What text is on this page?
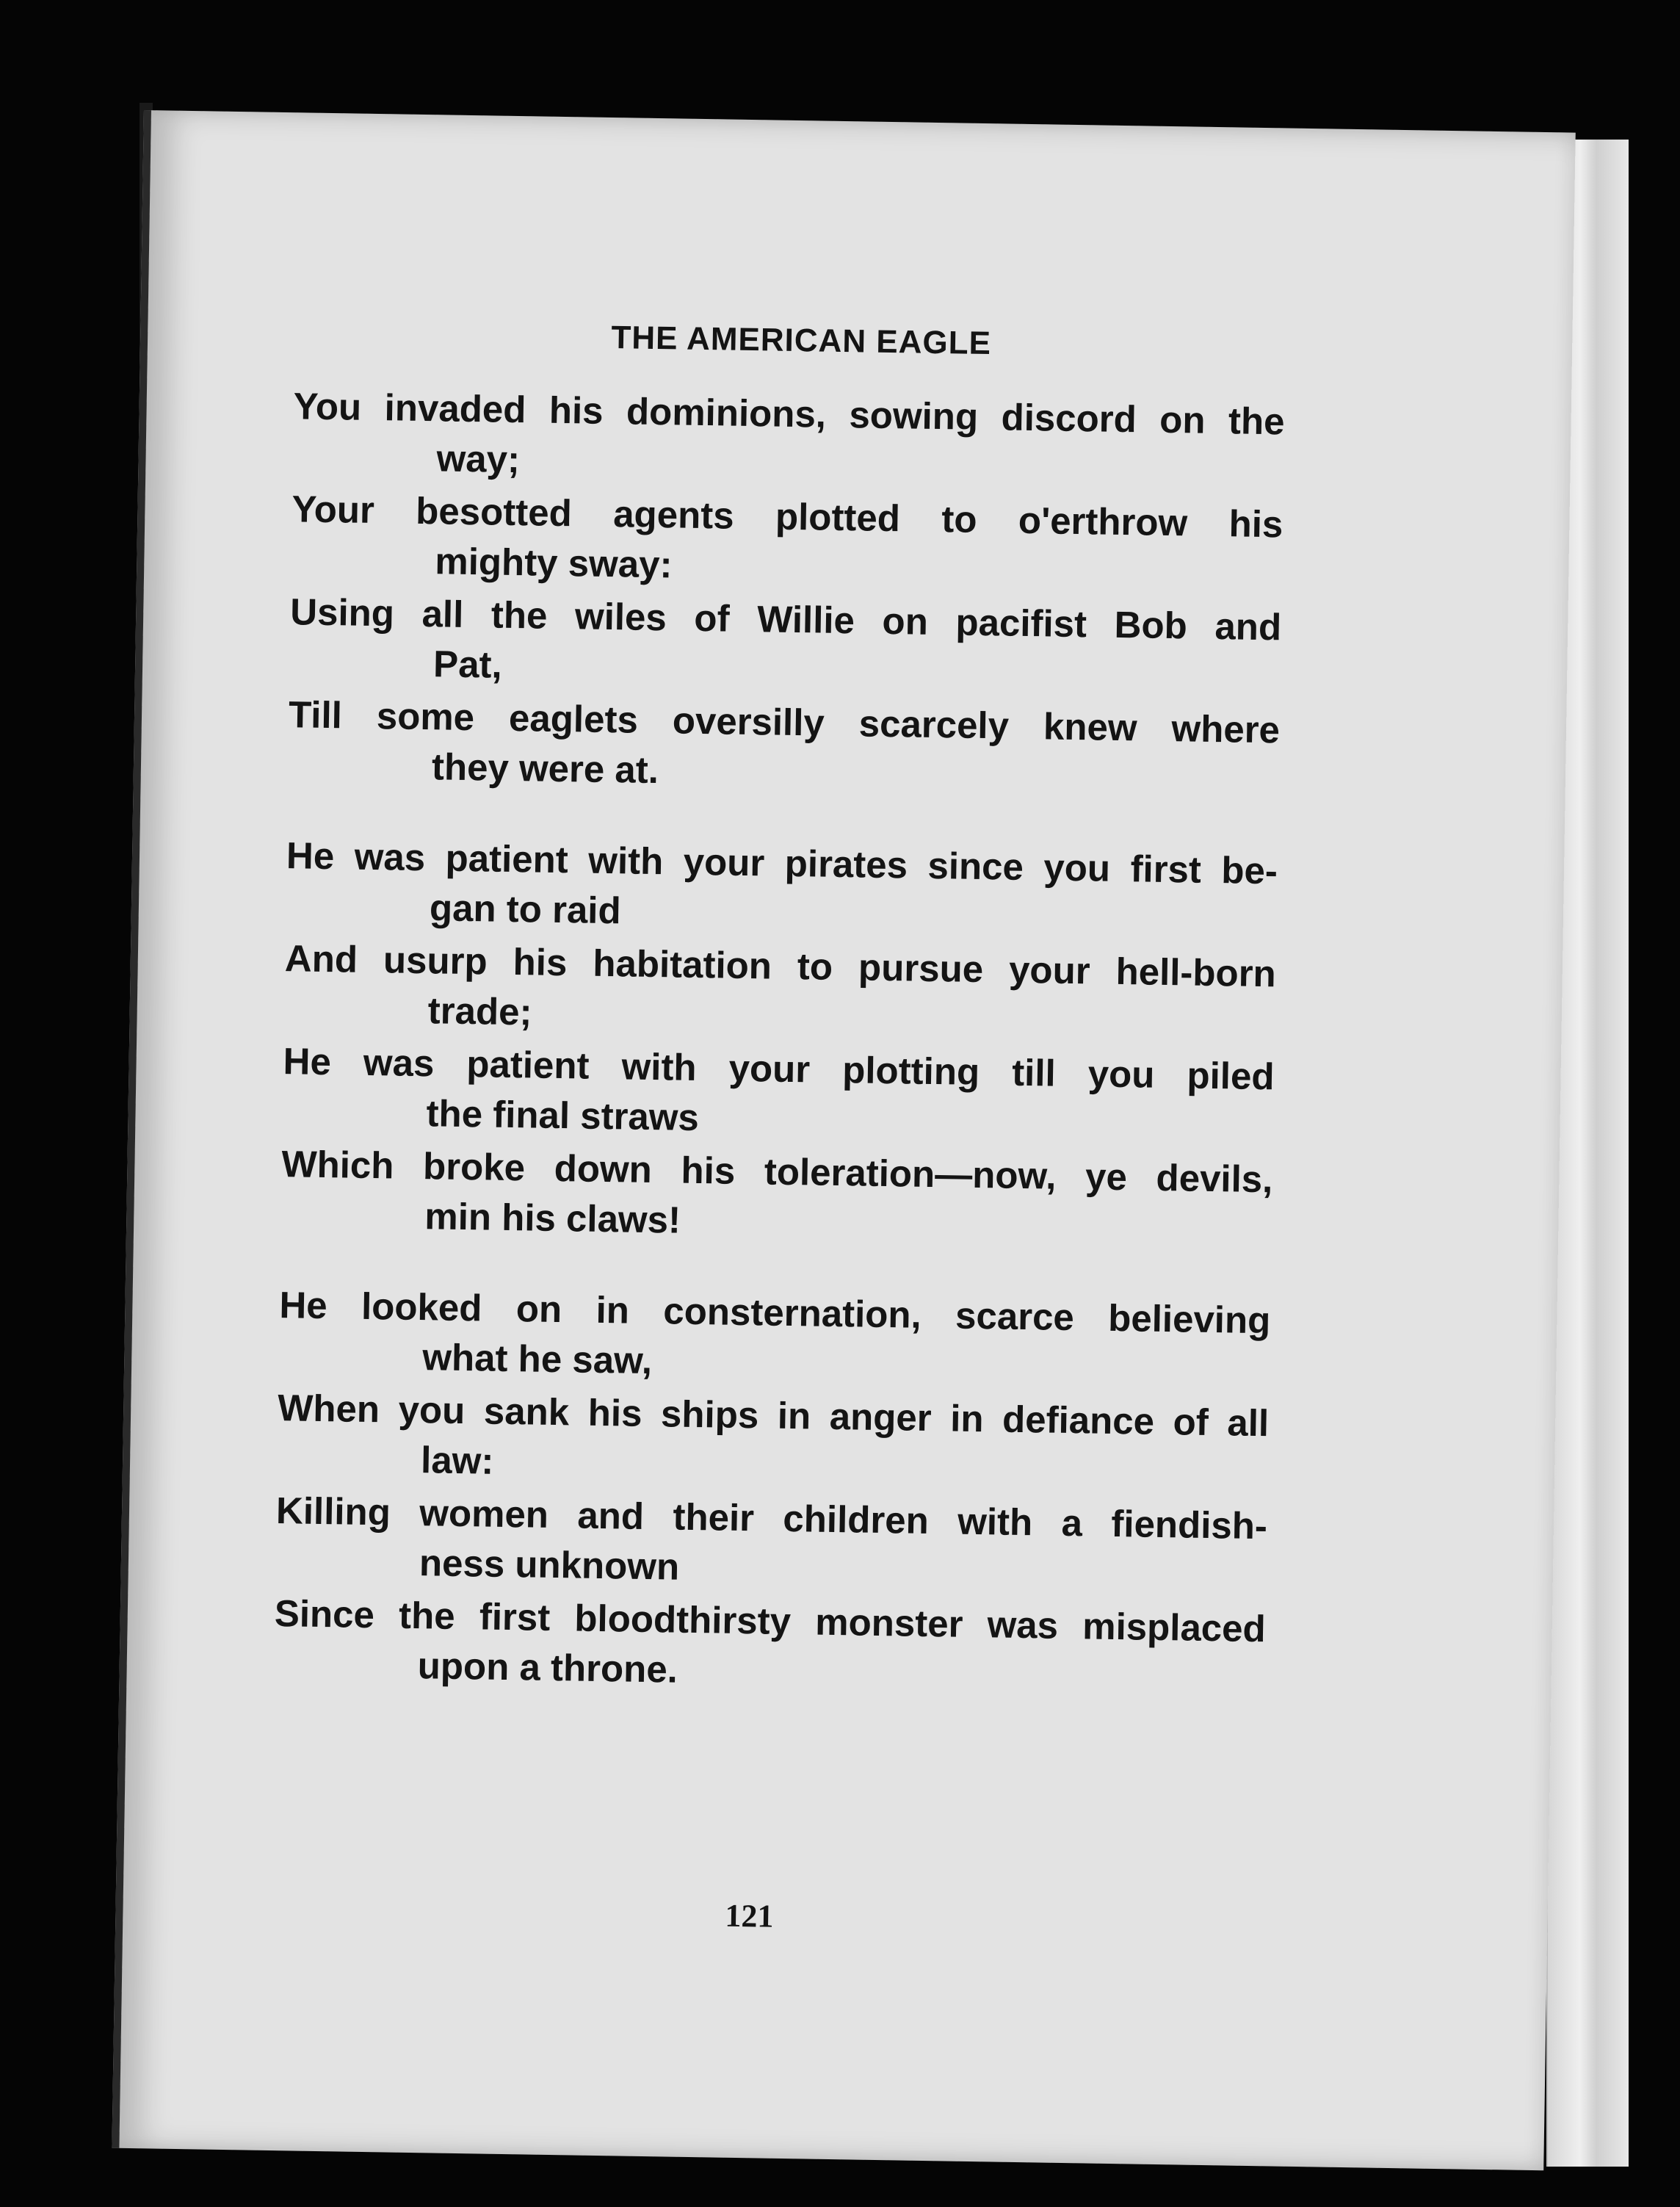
THE AMERICAN EAGLE
You invaded his dominions, sowing discord on the
way;
Your besotted agents plotted to o'erthrow his
mighty sway:
Using all the wiles of Willie on pacifist Bob and
Pat,
Till some eaglets oversilly scarcely knew where
they were at.
He was patient with your pirates since you first be-
gan to raid
And usurp his habitation to pursue your hell-born
trade;
He was patient with your plotting till you piled
the final straws
Which broke down his toleration—now, ye devils,
min his claws!
He looked on in consternation, scarce believing
what he saw,
When you sank his ships in anger in defiance of all
law:
Killing women and their children with a fiendish-
ness unknown
Since the first bloodthirsty monster was misplaced
upon a throne.
121
